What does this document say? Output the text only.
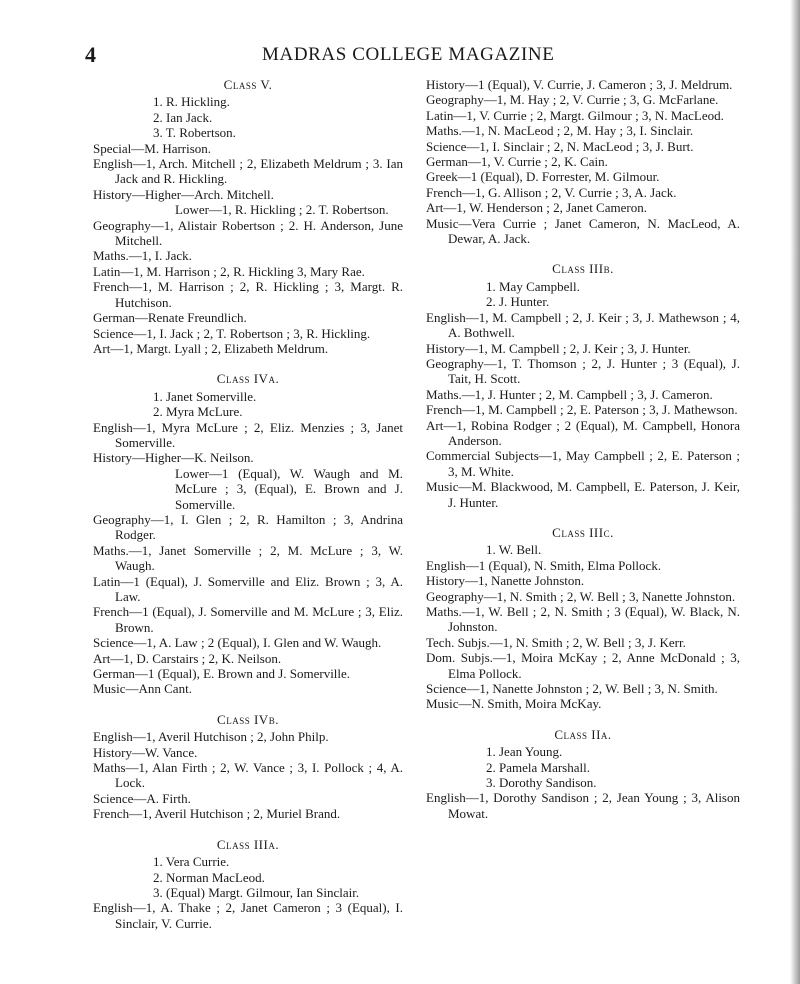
4	MADRAS COLLEGE MAGAZINE

Class V.

1. R. Hickling.

2. Ian Jack.

3. T. Robertson.

Special—M. Harrison.

English—1, Arch. Mitchell ; 2, Elizabeth Meldrum ; 3. Ian Jack and R. Hickling.

History—Higher—Arch. Mitchell.

Lower—1, R. Hickling ; 2. T. Robertson.

Geography—1, Alistair Robertson ; 2. H. Anderson, June Mitchell.

Maths.—1, I. Jack.

Latin—1, M. Harrison ; 2, R. Hickling 3, Mary Rae.

French—1, M. Harrison ; 2, R. Hickling ; 3, Margt. R. Hutchison.

German—Renate Freundlich.

Science—1, I. Jack ; 2, T. Robertson ; 3, R. Hickling.

Art—1, Margt. Lyall ; 2, Elizabeth Meldrum.

Class IVa.

1. Janet Somerville.

2. Myra McLure.

English—1, Myra McLure ; 2, Eliz. Menzies ; 3, Janet Somerville.

History—Higher—K. Neilson.

Lower—1 (Equal), W. Waugh and M. McLure ; 3, (Equal), E. Brown and J. Somerville.

Geography—1, I. Glen ; 2, R. Hamilton ; 3, Andrina Rodger.

Maths.—1, Janet Somerville ; 2, M. McLure ; 3, W. Waugh.

Latin—1 (Equal), J. Somerville and Eliz. Brown ; 3, A. Law.

French—1 (Equal), J. Somerville and M. McLure ; 3, Eliz. Brown.

Science—1, A. Law ; 2 (Equal), I. Glen and W. Waugh.

Art—1, D. Carstairs ; 2, K. Neilson.

German—1 (Equal), E. Brown and J. Somerville.

Music—Ann Cant.

Class IVb.

English—1, Averil Hutchison ; 2, John Philp.

History—W. Vance.

Maths—1, Alan Firth ; 2, W. Vance ; 3, I. Pollock ; 4, A. Lock.

Science—A. Firth.

French—1, Averil Hutchison ; 2, Muriel Brand.

Class IIIa.

1. Vera Currie.

2. Norman MacLeod.

3. (Equal) Margt. Gilmour, Ian Sinclair.

English—1, A. Thake ; 2, Janet Cameron ; 3 (Equal), I. Sinclair, V. Currie.

History—1 (Equal), V. Currie, J. Cameron ; 3, J. Meldrum.

Geography—1, M. Hay ; 2, V. Currie ; 3, G. McFarlane.

Latin—1, V. Currie ; 2, Margt. Gilmour ; 3, N. MacLeod.

Maths.—1, N. MacLeod ; 2, M. Hay ; 3, I. Sinclair.

Science—1, I. Sinclair ; 2, N. MacLeod ; 3, J. Burt.

German—1, V. Currie ; 2, K. Cain.

Greek—1 (Equal), D. Forrester, M. Gilmour.

French—1, G. Allison ; 2, V. Currie ; 3, A. Jack.

Art—1, W. Henderson ; 2, Janet Cameron.

Music—Vera Currie ; Janet Cameron, N. MacLeod, A. Dewar, A. Jack.

Class IIIb.

1. May Campbell.

2. J. Hunter.

English—1, M. Campbell ; 2, J. Keir ; 3, J. Mathewson ; 4, A. Bothwell.

History—1, M. Campbell ; 2, J. Keir ; 3, J. Hunter.

Geography—1, T. Thomson ; 2, J. Hunter ; 3 (Equal), J. Tait, H. Scott.

Maths.—1, J. Hunter ; 2, M. Campbell ; 3, J. Cameron.

French—1, M. Campbell ; 2, E. Paterson ; 3, J. Mathewson.

Art—1, Robina Rodger ; 2 (Equal), M. Campbell, Honora Anderson.

Commercial Subjects—1, May Campbell ; 2, E. Paterson ; 3, M. White.

Music—M. Blackwood, M. Campbell, E. Paterson, J. Keir, J. Hunter.

Class IIIc.

1. W. Bell.

English—1 (Equal), N. Smith, Elma Pollock.

History—1, Nanette Johnston.

Geography—1, N. Smith ; 2, W. Bell ; 3, Nanette Johnston.

Maths.—1, W. Bell ; 2, N. Smith ; 3 (Equal), W. Black, N. Johnston.

Tech. Subjs.—1, N. Smith ; 2, W. Bell ; 3, J. Kerr.

Dom. Subjs.—1, Moira McKay ; 2, Anne McDonald ; 3, Elma Pollock.

Science—1, Nanette Johnston ; 2, W. Bell ; 3, N. Smith.

Music—N. Smith, Moira McKay.

Class IIa.

1. Jean Young.

2. Pamela Marshall.

3. Dorothy Sandison.

English—1, Dorothy Sandison ; 2, Jean Young ; 3, Alison Mowat.
